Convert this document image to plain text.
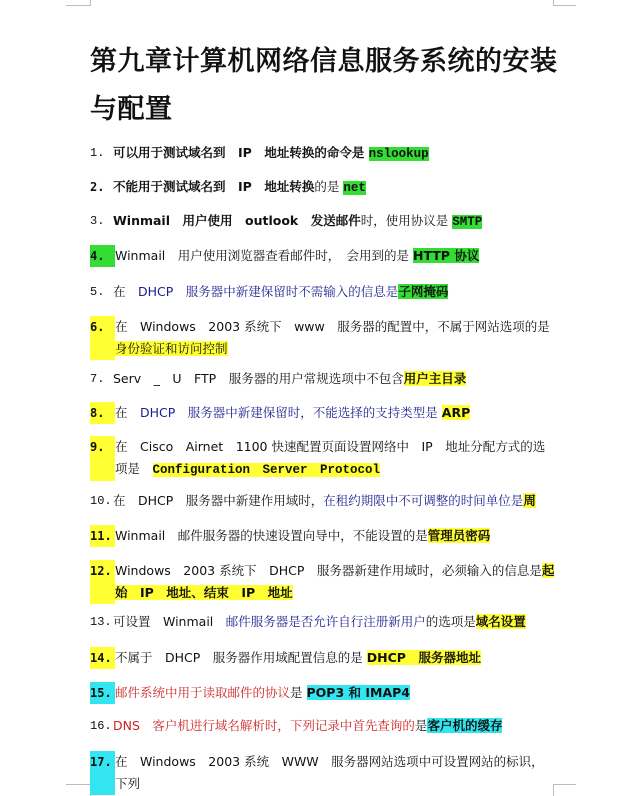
第九章计算机网络信息服务系统的安装与配置
1. 可以用于测试域名到　IP　地址转换的命令是 nslookup
2. 不能用于测试域名到　IP　地址转换的是 net
3. Winmail　用户使用　outlook　发送邮件时，使用协议是 SMTP
4. Winmail　用户使用浏览器查看邮件时，　会用到的是 HTTP 协议
5. 在　DHCP　服务器中新建保留时不需输入的信息是子网掩码
6. 在　Windows　2003 系统下　www　服务器的配置中，不属于网站选项的是身份验证和访问控制
7. Serv　_　U　FTP　服务器的用户常规选项中不包含用户主目录
8. 在　DHCP　服务器中新建保留时，不能选择的支持类型是 ARP
9. 在　Cisco　Airnet　1100 快速配置页面设置网络中　IP　地址分配方式的选项是　Configuration　Server　Protocol
10. 在　DHCP　服务器中新建作用域时，在租约期限中不可调整的时间单位是周
11. Winmail　邮件服务器的快速设置向导中，不能设置的是管理员密码
12. Windows　2003 系统下　DHCP　服务器新建作用域时，必须输入的信息是起始　IP　地址、结束　IP　地址
13. 可设置　Winmail　邮件服务器是否允许自行注册新用户的选项是域名设置
14. 不属于　DHCP　服务器作用域配置信息的是 DHCP　服务器地址
15. 邮件系统中用于读取邮件的协议是 POP3 和 IMAP4
16. DNS　客户机进行域名解析时，下列记录中首先查询的是客户机的缓存
17. 在　Windows　2003 系统　WWW　服务器网站选项中可设置网站的标识，下列
